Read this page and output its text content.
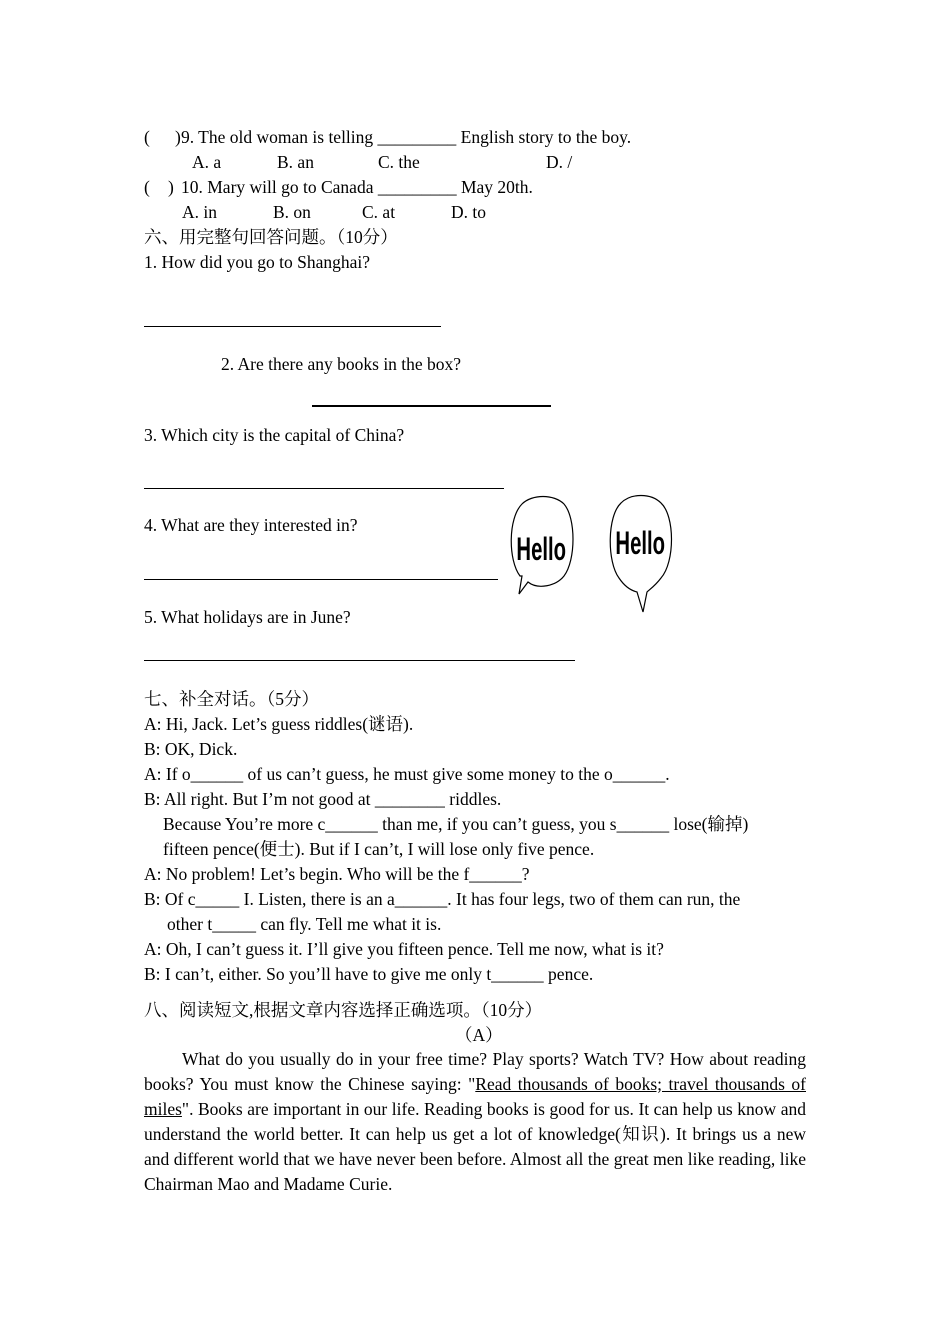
( ) 9. The old woman is telling _________ English story to the boy.
A. a	B. an	C. the	D. /
( ) 10. Mary will go to Canada _________ May 20th.
A. in	B. on	C. at	D. to
六、用完整句回答问题。（10分）
1. How did you go to Shanghai?
2. Are there any books in the box?
3. Which city is the capital of China?
4. What are they interested in?
5. What holidays are in June?
Hello Hello
七、补全对话。（5分）
A: Hi, Jack. Let’s guess riddles(谜语).
B: OK, Dick.
A: If o______ of us can’t guess, he must give some money to the o______.
B: All right. But I’m not good at ________ riddles.
Because You’re more c______ than me, if you can’t guess, you s______ lose(输掉)
fifteen pence(便士). But if I can’t, I will lose only five pence.
A: No problem! Let’s begin. Who will be the f______?
B: Of c_____ I. Listen, there is an a______. It has four legs, two of them can run, the
other t_____ can fly. Tell me what it is.
A: Oh, I can’t guess it. I’ll give you fifteen pence. Tell me now, what is it?
B: I can’t, either. So you’ll have to give me only t______ pence.
八、阅读短文,根据文章内容选择正确选项。（10分）
（A）
What do you usually do in your free time? Play sports? Watch TV? How about reading books? You must know the Chinese saying: "Read thousands of books; travel thousands of miles". Books are important in our life. Reading books is good for us. It can help us know and understand the world better. It can help us get a lot of knowledge(知识). It brings us a new and different world that we have never been before. Almost all the great men like reading, like Chairman Mao and Madame Curie.
